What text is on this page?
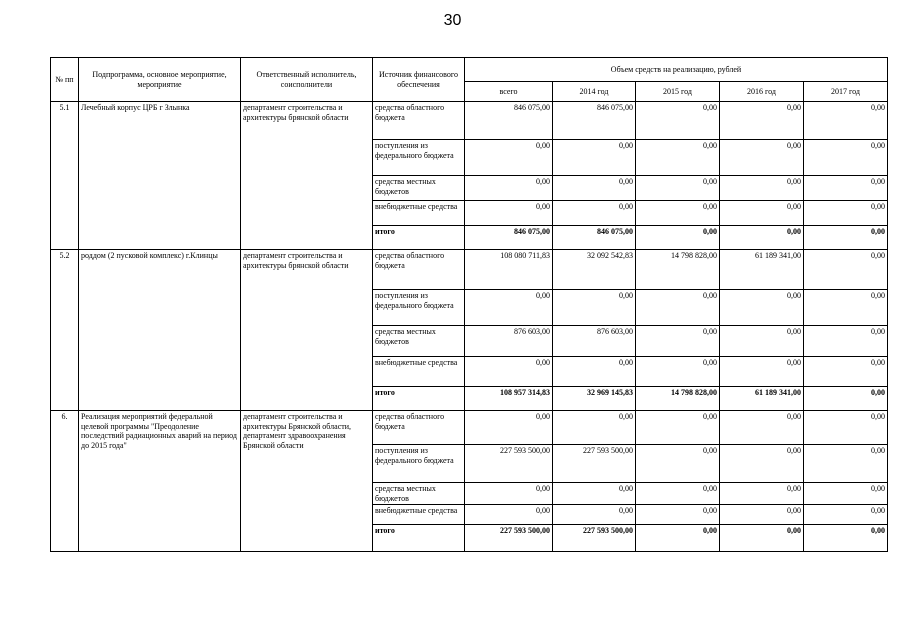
30
№ пп	Подпрограмма, основное мероприятие, мероприятие	Ответственный исполнитель, соисполнители	Источник финансового обеспечения	Объем средств на реализацию, рублей				
				всего	2014 год	2015 год	2016 год	2017 год
5.1	Лечебный корпус ЦРБ г Злынка	департамент строительства и архитектуры брянской области	средства областного бюджета	846 075,00	846 075,00	0,00	0,00	0,00
			поступления из федерального бюджета	0,00	0,00	0,00	0,00	0,00
			средства местных бюджетов	0,00	0,00	0,00	0,00	0,00
			внебюджетные средства	0,00	0,00	0,00	0,00	0,00
			итого	846 075,00	846 075,00	0,00	0,00	0,00
5.2	роддом (2 пусковой комплекс) г.Клинцы	департамент строительства и архитектуры брянской области	средства областного бюджета	108 080 711,83	32 092 542,83	14 798 828,00	61 189 341,00	0,00
			поступления из федерального бюджета	0,00	0,00	0,00	0,00	0,00
			средства местных бюджетов	876 603,00	876 603,00	0,00	0,00	0,00
			внебюджетные средства	0,00	0,00	0,00	0,00	0,00
			итого	108 957 314,83	32 969 145,83	14 798 828,00	61 189 341,00	0,00
6.	Реализация мероприятий федеральной целевой программы "Преодоление последствий радиационных аварий на период до 2015 года"	департамент строительства и архитектуры Брянской области, департамент здравоохранения Брянской области	средства областного бюджета	0,00	0,00	0,00	0,00	0,00
			поступления из федерального бюджета	227 593 500,00	227 593 500,00	0,00	0,00	0,00
			средства местных бюджетов	0,00	0,00	0,00	0,00	0,00
			внебюджетные средства	0,00	0,00	0,00	0,00	0,00
			итого	227 593 500,00	227 593 500,00	0,00	0,00	0,00
